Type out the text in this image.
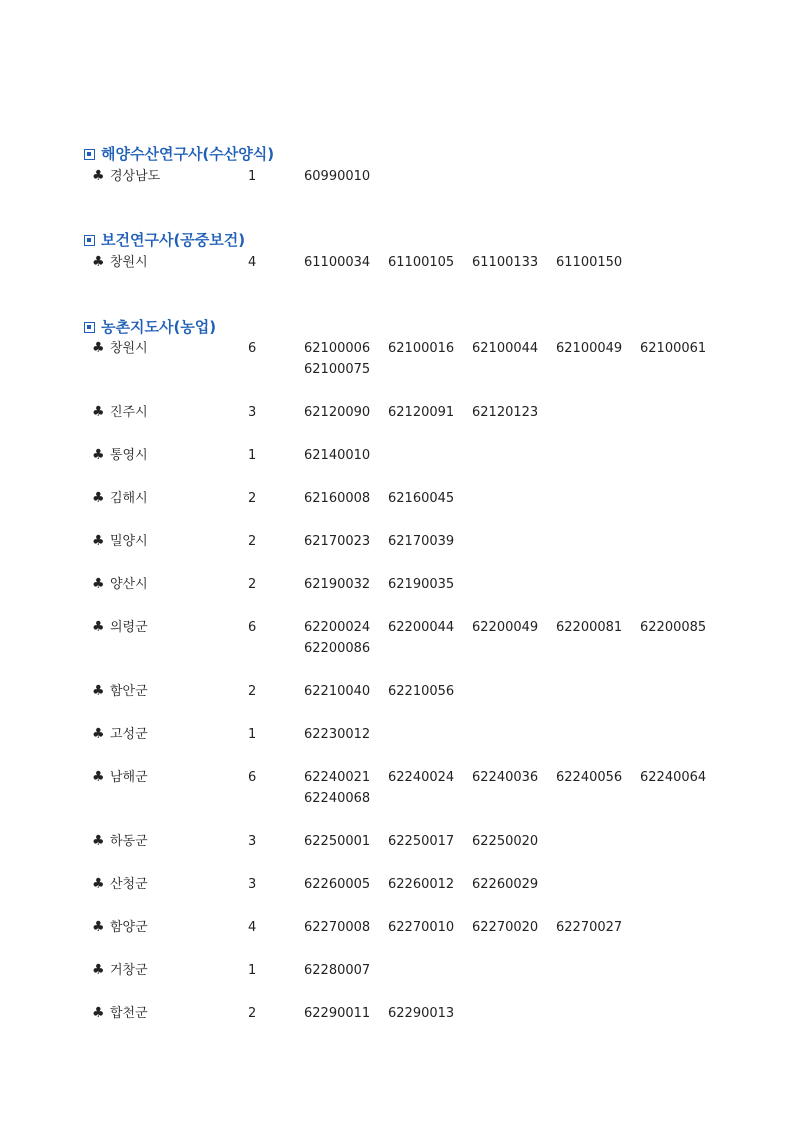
해양수산연구사(수산양식)
♣ 경상남도	1	60990010
보건연구사(공중보건)
♣ 창원시	4	61100034	61100105	61100133	61100150
농촌지도사(농업)
♣ 창원시	6	62100006	62100016	62100044	62100049	62100061
62100075
♣ 진주시	3	62120090	62120091	62120123
♣ 통영시	1	62140010
♣ 김해시	2	62160008	62160045
♣ 밀양시	2	62170023	62170039
♣ 양산시	2	62190032	62190035
♣ 의령군	6	62200024	62200044	62200049	62200081	62200085
62200086
♣ 함안군	2	62210040	62210056
♣ 고성군	1	62230012
♣ 남해군	6	62240021	62240024	62240036	62240056	62240064
62240068
♣ 하동군	3	62250001	62250017	62250020
♣ 산청군	3	62260005	62260012	62260029
♣ 함양군	4	62270008	62270010	62270020	62270027
♣ 거창군	1	62280007
♣ 합천군	2	62290011	62290013
